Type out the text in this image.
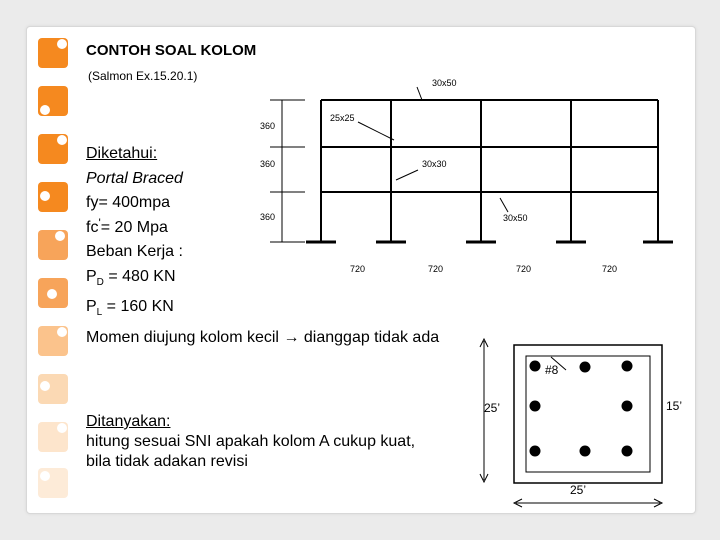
CONTOH SOAL KOLOM
(Salmon Ex.15.20.1)
Diketahui:
Portal Braced
fy= 400mpa
fc'= 20 Mpa
Beban Kerja :
$P_D = 480$ KN
$P_L = 160$ KN
Momen diujung kolom kecil → dianggap tidak ada
Ditanyakan:
hitung sesuai SNI apakah kolom A cukup kuat,
bila tidak adakan revisi
360
360
360
30x50
25x25
30x30
30x50
720	720	720	720
#8
25’
25’
15’
